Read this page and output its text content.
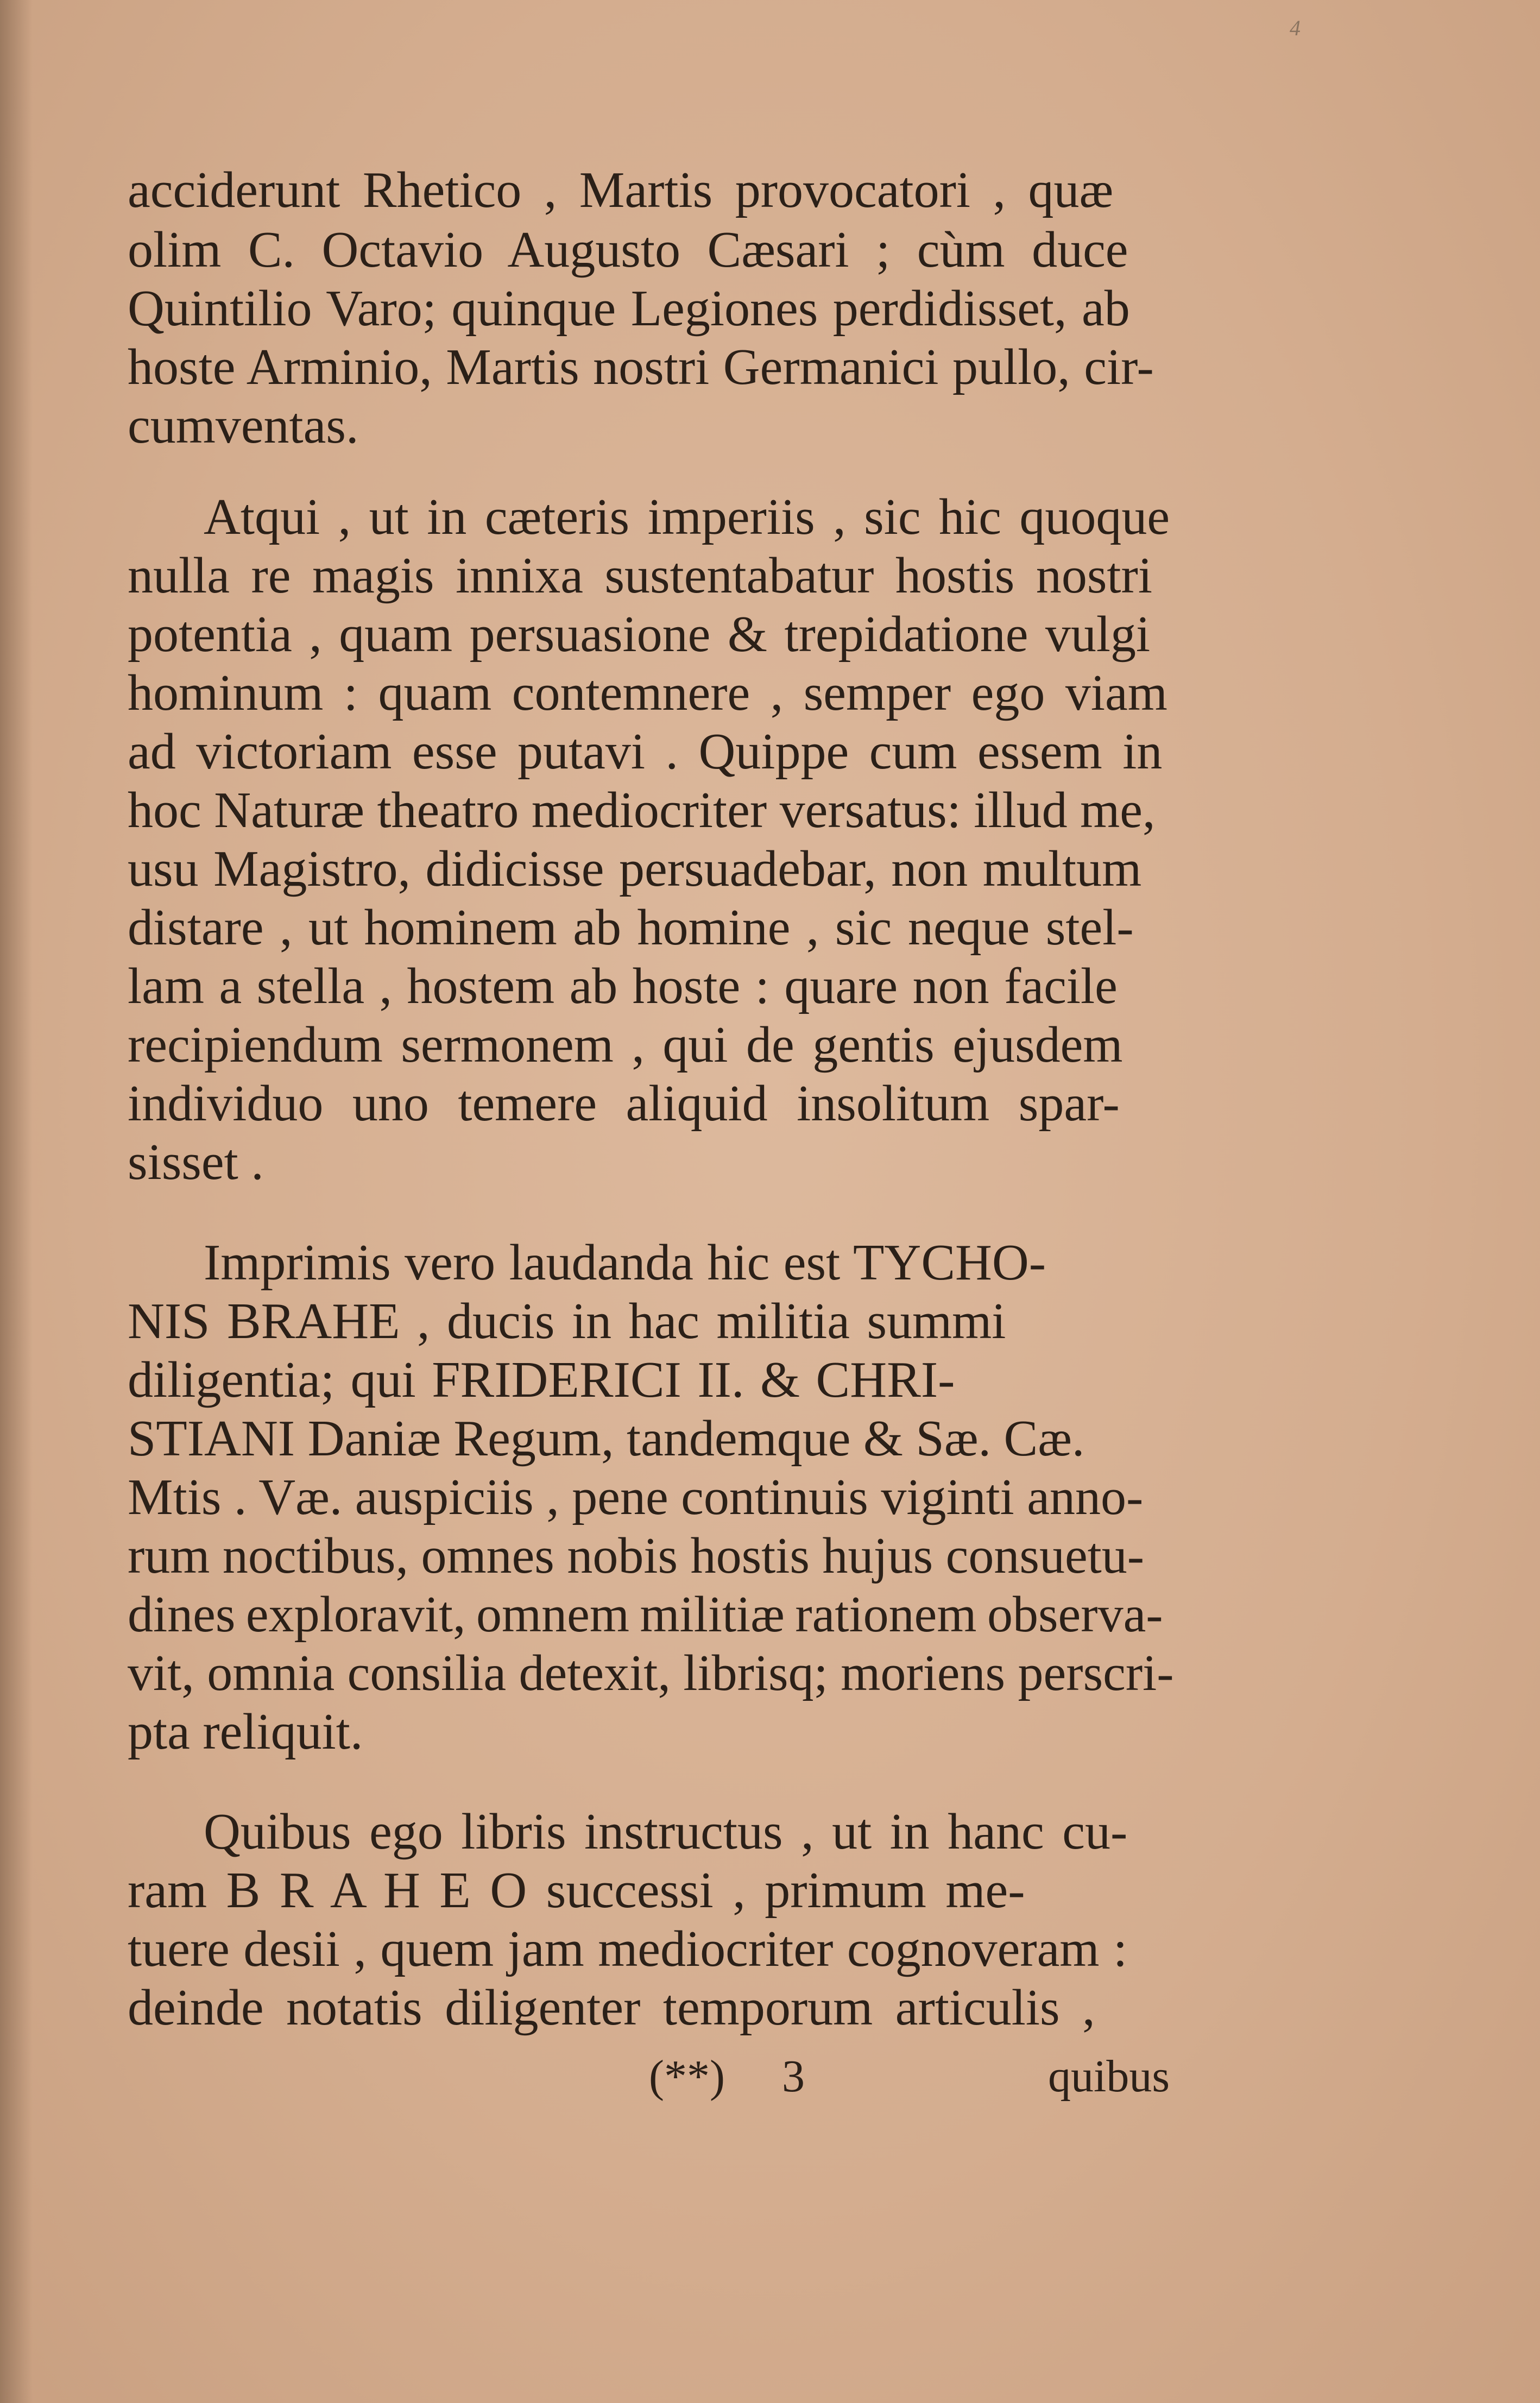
4
acciderunt Rhetico , Martis provocatori , quæ
olim C. Octavio Augusto Cæsari ; cùm duce
Quintilio Varo; quinque Legiones perdidisset, ab
hoste Arminio, Martis nostri Germanici pullo, cir-
cumventas.
Atqui , ut in cæteris imperiis , sic hic quoque
nulla re magis innixa sustentabatur hostis nostri
potentia , quam persuasione & trepidatione vulgi
hominum : quam contemnere , semper ego viam
ad victoriam esse putavi . Quippe cum essem in
hoc Naturæ theatro mediocriter versatus: illud me,
usu Magistro, didicisse persuadebar, non multum
distare , ut hominem ab homine , sic neque stel-
lam a stella , hostem ab hoste : quare non facile
recipiendum sermonem , qui de gentis ejusdem
individuo uno temere aliquid insolitum spar-
sisset .
Imprimis vero laudanda hic est TYCHO-
NIS BRAHE , ducis in hac militia summi
diligentia; qui FRIDERICI II. & CHRI-
STIANI Daniæ Regum, tandemque & Sæ. Cæ.
Mtis . Væ. auspiciis , pene continuis viginti anno-
rum noctibus, omnes nobis hostis hujus consuetu-
dines exploravit, omnem militiæ rationem observa-
vit, omnia consilia detexit, librisq; moriens perscri-
pta reliquit.
Quibus ego libris instructus , ut in hanc cu-
ram B R A H E O successi , primum me-
tuere desii , quem jam mediocriter cognoveram :
deinde notatis diligenter temporum articulis ,
(**) 3	quibus
